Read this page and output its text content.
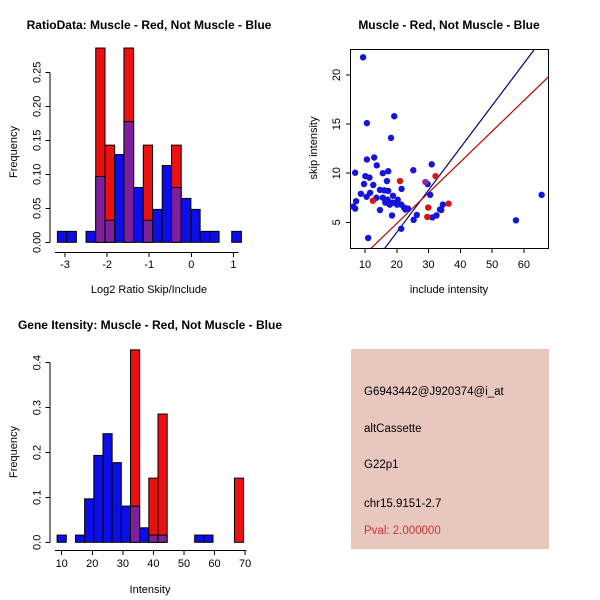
RatioData: Muscle - Red, Not Muscle - Blue
Log2 Ratio Skip/Include
Frequency
Muscle - Red, Not Muscle - Blue
include intensity
skip intensity
Gene Itensity: Muscle - Red, Not Muscle - Blue
Intensity
Frequency
-3	-2	-1	0	1
0.00
0.05
0.10
0.15
0.20
0.25
10 20 30 40 50 60 70
0.0
0.1
0.2
0.3
0.4
10 20 30 40 50 60
5
10
15
20
G6943442@J920374@i_at
altCassette
G22p1
chr15.9151-2.7
Pval: 2.000000
